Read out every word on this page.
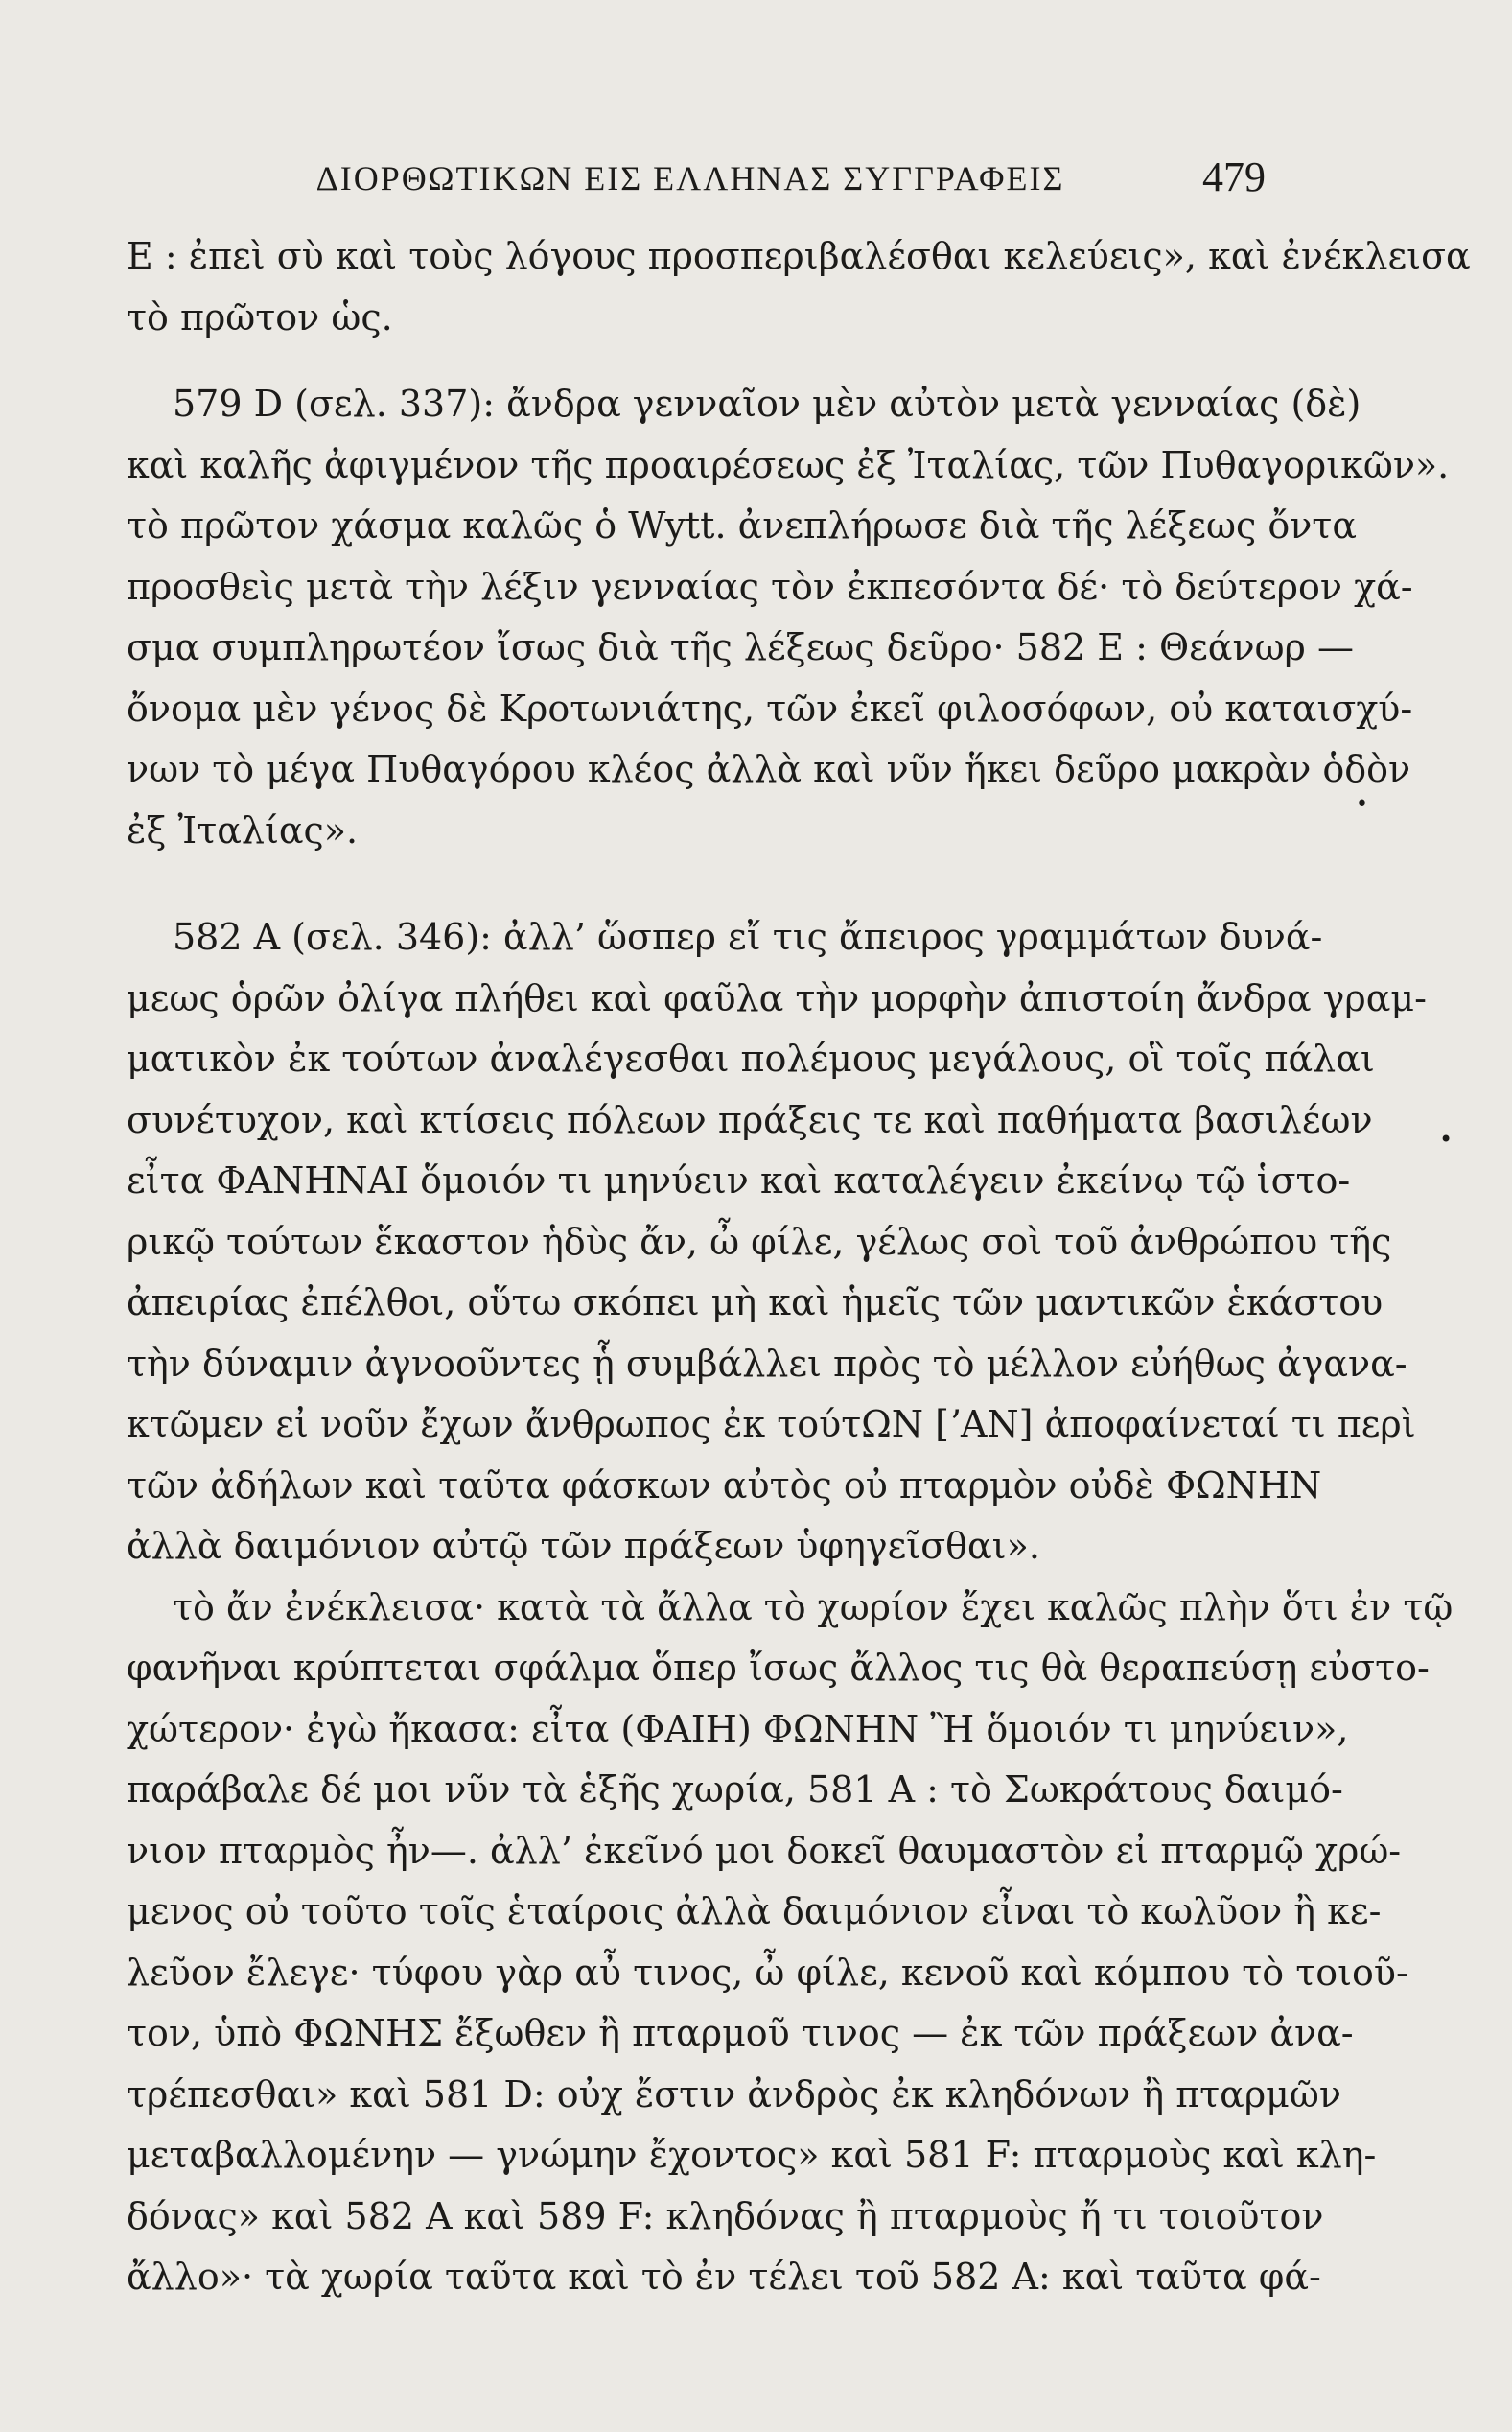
ΔΙΟΡΘΩΤΙΚΩΝ ΕΙΣ ΕΛΛΗΝΑΣ ΣΥΓΓΡΑΦΕΙΣ	479
Ε : ἐπεὶ σὺ καὶ τοὺς λόγους προσπεριβαλέσθαι κελεύεις», καὶ ἐνέκλεισα
τὸ πρῶτον ὡς.
579 D (σελ. 337): ἄνδρα γενναῖον μὲν αὐτὸν μετὰ γενναίας (δὲ)
καὶ καλῆς ἀφιγμένον τῆς προαιρέσεως ἐξ Ἰταλίας, τῶν Πυθαγορικῶν».
τὸ πρῶτον χάσμα καλῶς ὁ Wytt. ἀνεπλήρωσε διὰ τῆς λέξεως ὄντα
προσθεὶς μετὰ τὴν λέξιν γενναίας τὸν ἐκπεσόντα δέ· τὸ δεύτερον χά-
σμα συμπληρωτέον ἴσως διὰ τῆς λέξεως δεῦρο· 582 Ε : Θεάνωρ —
ὄνομα μὲν γένος δὲ Κροτωνιάτης, τῶν ἐκεῖ φιλοσόφων, οὐ καταισχύ-
νων τὸ μέγα Πυθαγόρου κλέος ἀλλὰ καὶ νῦν ἥκει δεῦρο μακρὰν ὁδὸν
ἐξ Ἰταλίας».
582 Α (σελ. 346): ἀλλ’ ὥσπερ εἴ τις ἄπειρος γραμμάτων δυνά-
μεως ὁρῶν ὀλίγα πλήθει καὶ φαῦλα τὴν μορφὴν ἀπιστοίη ἄνδρα γραμ-
ματικὸν ἐκ τούτων ἀναλέγεσθαι πολέμους μεγάλους, οἳ τοῖς πάλαι
συνέτυχον, καὶ κτίσεις πόλεων πράξεις τε καὶ παθήματα βασιλέων
εἶτα ΦΑΝΗΝΑΙ ὅμοιόν τι μηνύειν καὶ καταλέγειν ἐκείνῳ τῷ ἱστο-
ρικῷ τούτων ἕκαστον ἡδὺς ἄν, ὦ φίλε, γέλως σοὶ τοῦ ἀνθρώπου τῆς
ἀπειρίας ἐπέλθοι, οὕτω σκόπει μὴ καὶ ἡμεῖς τῶν μαντικῶν ἑκάστου
τὴν δύναμιν ἀγνοοῦντες ᾗ συμβάλλει πρὸς τὸ μέλλον εὐήθως ἀγανα-
κτῶμεν εἰ νοῦν ἔχων ἄνθρωπος ἐκ τούτΩΝ [ʼΑΝ] ἀποφαίνεταί τι περὶ
τῶν ἀδήλων καὶ ταῦτα φάσκων αὐτὸς οὐ πταρμὸν οὐδὲ ΦΩΝΗΝ
ἀλλὰ δαιμόνιον αὐτῷ τῶν πράξεων ὑφηγεῖσθαι».
τὸ ἄν ἐνέκλεισα· κατὰ τὰ ἄλλα τὸ χωρίον ἔχει καλῶς πλὴν ὅτι ἐν τῷ
φανῆναι κρύπτεται σφάλμα ὅπερ ἴσως ἄλλος τις θὰ θεραπεύσῃ εὐστο-
χώτερον· ἐγὼ ἤκασα: εἶτα (ΦΑΙΗ) ΦΩΝΗΝ Ἢ ὅμοιόν τι μηνύειν»,
παράβαλε δέ μοι νῦν τὰ ἑξῆς χωρία, 581 Α : τὸ Σωκράτους δαιμό-
νιον πταρμὸς ἦν—. ἀλλ’ ἐκεῖνό μοι δοκεῖ θαυμαστὸν εἰ πταρμῷ χρώ-
μενος οὐ τοῦτο τοῖς ἑταίροις ἀλλὰ δαιμόνιον εἶναι τὸ κωλῦον ἢ κε-
λεῦον ἔλεγε· τύφου γὰρ αὖ τινος, ὦ φίλε, κενοῦ καὶ κόμπου τὸ τοιοῦ-
τον, ὑπὸ ΦΩΝΗΣ ἔξωθεν ἢ πταρμοῦ τινος — ἐκ τῶν πράξεων ἀνα-
τρέπεσθαι» καὶ 581 D: οὐχ ἔστιν ἀνδρὸς ἐκ κληδόνων ἢ πταρμῶν
μεταβαλλομένην — γνώμην ἔχοντος» καὶ 581 F: πταρμοὺς καὶ κλη-
δόνας» καὶ 582 Α καὶ 589 F: κληδόνας ἢ πταρμοὺς ἤ τι τοιοῦτον
ἄλλο»· τὰ χωρία ταῦτα καὶ τὸ ἐν τέλει τοῦ 582 Α: καὶ ταῦτα φά-
•
•
